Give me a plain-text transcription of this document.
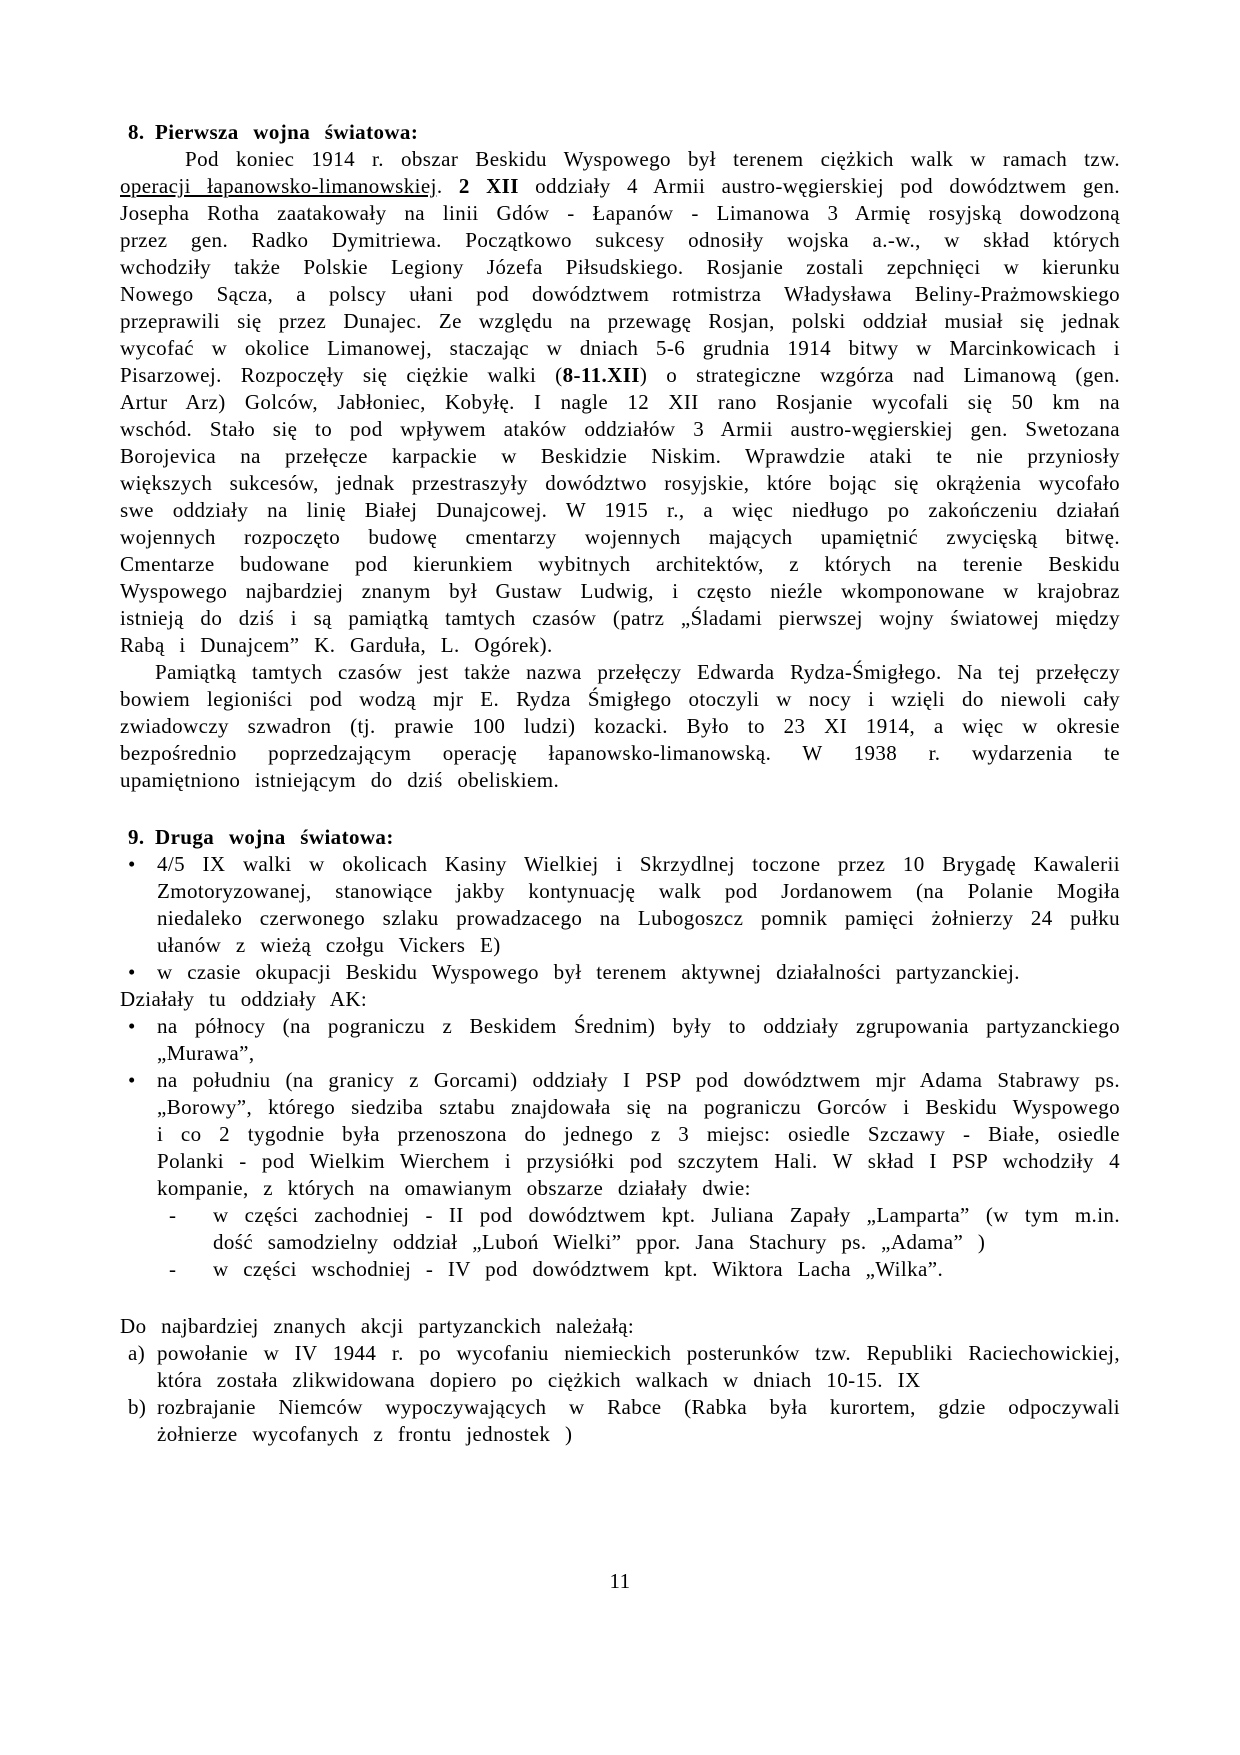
8. Pierwsza wojna światowa:
Pod koniec 1914 r. obszar Beskidu Wyspowego był terenem ciężkich walk w ramach tzw. operacji łapanowsko-limanowskiej. 2 XII oddziały 4 Armii austro-węgierskiej pod dowództwem gen. Josepha Rotha zaatakowały na linii Gdów - Łapanów - Limanowa 3 Armię rosyjską dowodzoną przez gen. Radko Dymitriewa. Początkowo sukcesy odnosiły wojska a.-w., w skład których wchodziły także Polskie Legiony Józefa Piłsudskiego. Rosjanie zostali zepchnięci w kierunku Nowego Sącza, a polscy ułani pod dowództwem rotmistrza Władysława Beliny-Prażmowskiego przeprawili się przez Dunajec. Ze względu na przewagę Rosjan, polski oddział musiał się jednak wycofać w okolice Limanowej, staczając w dniach 5-6 grudnia 1914 bitwy w Marcinkowicach i Pisarzowej. Rozpoczęły się ciężkie walki (8-11.XII) o strategiczne wzgórza nad Limanową (gen. Artur Arz) Golców, Jabłoniec, Kobyłę. I nagle 12 XII rano Rosjanie wycofali się 50 km na wschód. Stało się to pod wpływem ataków oddziałów 3 Armii austro-węgierskiej gen. Swetozana Borojevica na przełęcze karpackie w Beskidzie Niskim. Wprawdzie ataki te nie przyniosły większych sukcesów, jednak przestraszyły dowództwo rosyjskie, które bojąc się okrążenia wycofało swe oddziały na linię Białej Dunajcowej. W 1915 r., a więc niedługo po zakończeniu działań wojennych rozpoczęto budowę cmentarzy wojennych mających upamiętnić zwycięską bitwę. Cmentarze budowane pod kierunkiem wybitnych architektów, z których na terenie Beskidu Wyspowego najbardziej znanym był Gustaw Ludwig, i często nieźle wkomponowane w krajobraz istnieją do dziś i są pamiątką tamtych czasów (patrz „Śladami pierwszej wojny światowej między Rabą i Dunajcem” K. Garduła, L. Ogórek).
Pamiątką tamtych czasów jest także nazwa przełęczy Edwarda Rydza-Śmigłego. Na tej przełęczy bowiem legioniści pod wodzą mjr E. Rydza Śmigłego otoczyli w nocy i wzięli do niewoli cały zwiadowczy szwadron (tj. prawie 100 ludzi) kozacki. Było to 23 XI 1914, a więc w okresie bezpośrednio poprzedzającym operację łapanowsko-limanowską. W 1938 r. wydarzenia te upamiętniono istniejącym do dziś obeliskiem.
9. Druga wojna światowa:
• 4/5 IX walki w okolicach Kasiny Wielkiej i Skrzydlnej toczone przez 10 Brygadę Kawalerii Zmotoryzowanej, stanowiące jakby kontynuację walk pod Jordanowem (na Polanie Mogiła niedaleko czerwonego szlaku prowadzacego na Lubogoszcz pomnik pamięci żołnierzy 24 pułku ułanów z wieżą czołgu Vickers E)
• w czasie okupacji Beskidu Wyspowego był terenem aktywnej działalności partyzanckiej.
Działały tu oddziały AK:
• na północy (na pograniczu z Beskidem Średnim) były to oddziały zgrupowania partyzanckiego „Murawa”,
• na południu (na granicy z Gorcami) oddziały I PSP pod dowództwem mjr Adama Stabrawy ps. „Borowy”, którego siedziba sztabu znajdowała się na pograniczu Gorców i Beskidu Wyspowego i co 2 tygodnie była przenoszona do jednego z 3 miejsc: osiedle Szczawy - Białe, osiedle Polanki - pod Wielkim Wierchem i przysiółki pod szczytem Hali. W skład I PSP wchodziły 4 kompanie, z których na omawianym obszarze działały dwie:
- w części zachodniej - II pod dowództwem kpt. Juliana Zapały „Lamparta” (w tym m.in. dość samodzielny oddział „Luboń Wielki” ppor. Jana Stachury ps. „Adama” )
- w części wschodniej - IV pod dowództwem kpt. Wiktora Lacha „Wilka”.
Do najbardziej znanych akcji partyzanckich należałą:
a) powołanie w IV 1944 r. po wycofaniu niemieckich posterunków tzw. Republiki Raciechowickiej, która została zlikwidowana dopiero po ciężkich walkach w dniach 10-15. IX
b) rozbrajanie Niemców wypoczywających w Rabce (Rabka była kurortem, gdzie odpoczywali żołnierze wycofanych z frontu jednostek )
11
